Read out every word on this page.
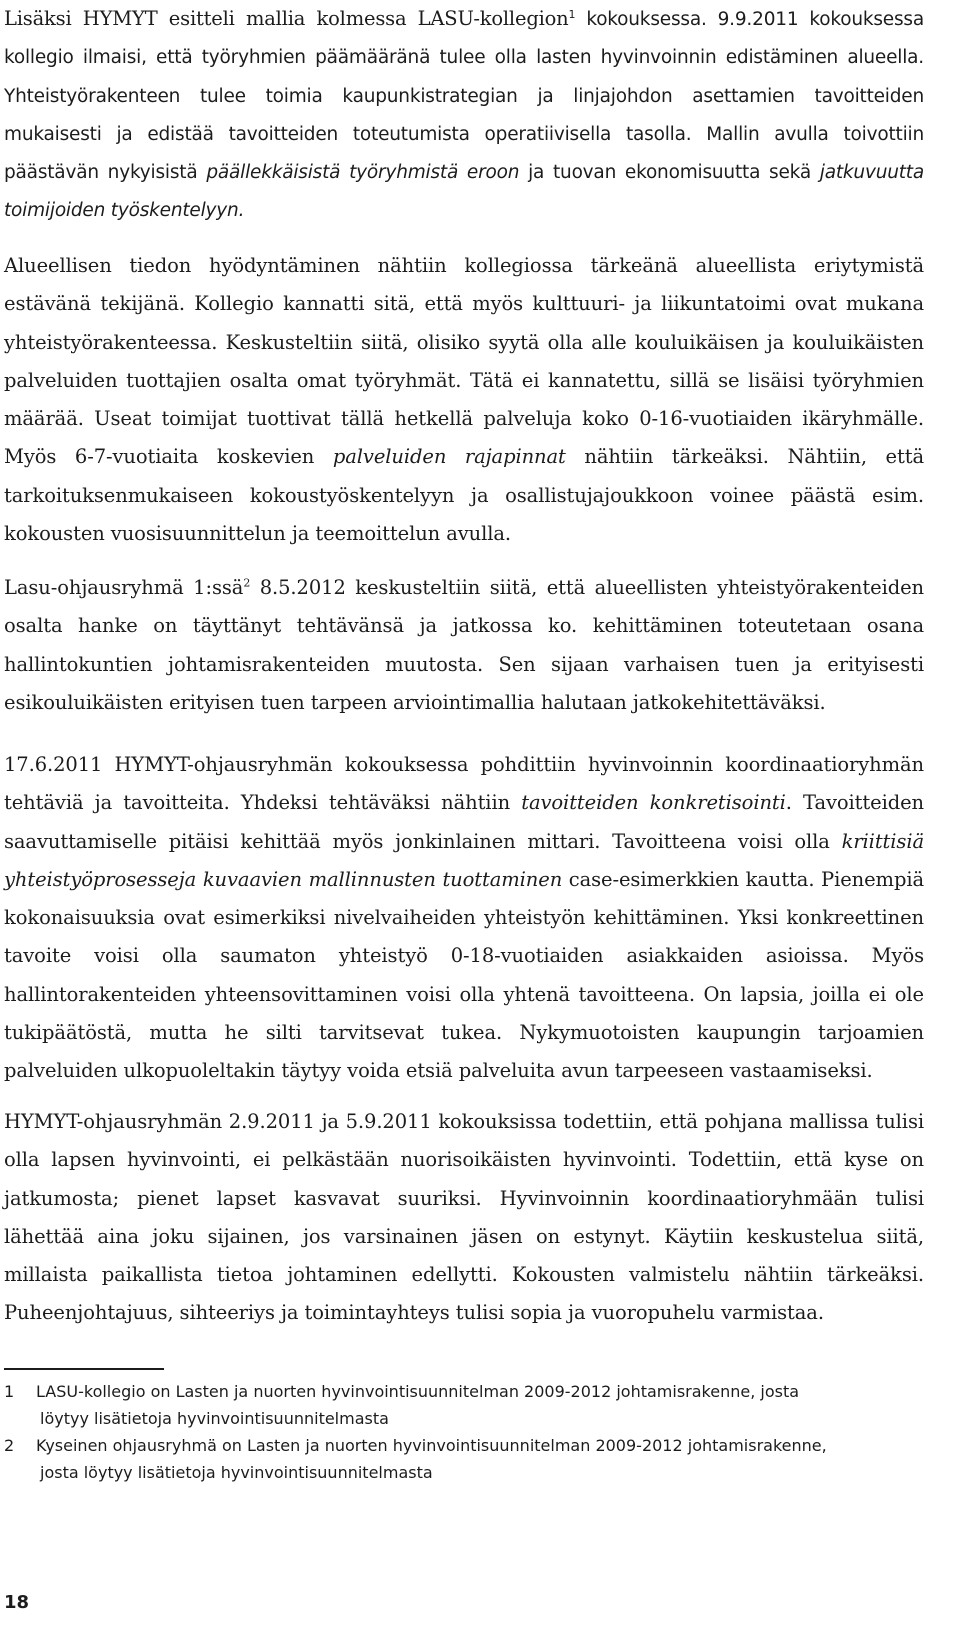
Lisäksi HYMYT esitteli mallia kolmessa LASU-kollegion$^1$ kokouksessa. 9.9.2011 kokouksessa kollegio ilmaisi, että työryhmien päämääränä tulee olla lasten hyvinvoinnin edistäminen alueella. Yhteistyörakenteen tulee toimia kaupunkistrategian ja linjajohdon asettamien tavoitteiden mukaisesti ja edistää tavoitteiden toteutumista operatiivisella tasolla. Mallin avulla toivottiin päästävän nykyisistä päällekkäisistä työryhmistä eroon ja tuovan ekonomisuutta sekä jatkuvuutta toimijoiden työskentelyyn.

Alueellisen tiedon hyödyntäminen nähtiin kollegiossa tärkeänä alueellista eriytymistä estävänä tekijänä. Kollegio kannatti sitä, että myös kulttuuri- ja liikuntatoimi ovat mukana yhteistyörakenteessa. Keskusteltiin siitä, olisiko syytä olla alle kouluikäisen ja kouluikäisten palveluiden tuottajien osalta omat työryhmät. Tätä ei kannatettu, sillä se lisäisi työryhmien määrää. Useat toimijat tuottivat tällä hetkellä palveluja koko 0-16-vuotiaiden ikäryhmälle. Myös 6-7-vuotiaita koskevien palveluiden rajapinnat nähtiin tärkeäksi. Nähtiin, että tarkoituksenmukaiseen kokoustyöskentelyyn ja osallistujajoukkoon voinee päästä esim. kokousten vuosisuunnittelun ja teemoittelun avulla.

Lasu-ohjausryhmä 1:ssä$^2$ 8.5.2012 keskusteltiin siitä, että alueellisten yhteistyörakenteiden osalta hanke on täyttänyt tehtävänsä ja jatkossa ko. kehittäminen toteutetaan osana hallintokuntien johtamisrakenteiden muutosta. Sen sijaan varhaisen tuen ja erityisesti esikouluikäisten erityisen tuen tarpeen arviointimallia halutaan jatkokehitettäväksi.

17.6.2011 HYMYT-ohjausryhmän kokouksessa pohdittiin hyvinvoinnin koordinaatioryhmän tehtäviä ja tavoitteita. Yhdeksi tehtäväksi nähtiin tavoitteiden konkretisointi. Tavoitteiden saavuttamiselle pitäisi kehittää myös jonkinlainen mittari. Tavoitteena voisi olla kriittisiä yhteistyöprosesseja kuvaavien mallinnusten tuottaminen case-esimerkkien kautta. Pienempiä kokonaisuuksia ovat esimerkiksi nivelvaiheiden yhteistyön kehittäminen. Yksi konkreettinen tavoite voisi olla saumaton yhteistyö 0-18-vuotiaiden asiakkaiden asioissa. Myös hallintorakenteiden yhteensovittaminen voisi olla yhtenä tavoitteena. On lapsia, joilla ei ole tukipäätöstä, mutta he silti tarvitsevat tukea. Nykymuotoisten kaupungin tarjoamien palveluiden ulkopuoleltakin täytyy voida etsiä palveluita avun tarpeeseen vastaamiseksi.

HYMYT-ohjausryhmän 2.9.2011 ja 5.9.2011 kokouksissa todettiin, että pohjana mallissa tulisi olla lapsen hyvinvointi, ei pelkästään nuorisoikäisten hyvinvointi. Todettiin, että kyse on jatkumosta; pienet lapset kasvavat suuriksi. Hyvinvoinnin koordinaatioryhmään tulisi lähettää aina joku sijainen, jos varsinainen jäsen on estynyt. Käytiin keskustelua siitä, millaista paikallista tietoa johtaminen edellytti. Kokousten valmistelu nähtiin tärkeäksi. Puheenjohtajuus, sihteeriys ja toimintayhteys tulisi sopia ja vuoropuhelu varmistaa.

1	LASU-kollegio on Lasten ja nuorten hyvinvointisuunnitelman 2009-2012 johtamisrakenne, josta
löytyy lisätietoja hyvinvointisuunnitelmasta
2	Kyseinen ohjausryhmä on Lasten ja nuorten hyvinvointisuunnitelman 2009-2012 johtamisrakenne,
josta löytyy lisätietoja hyvinvointisuunnitelmasta
18
